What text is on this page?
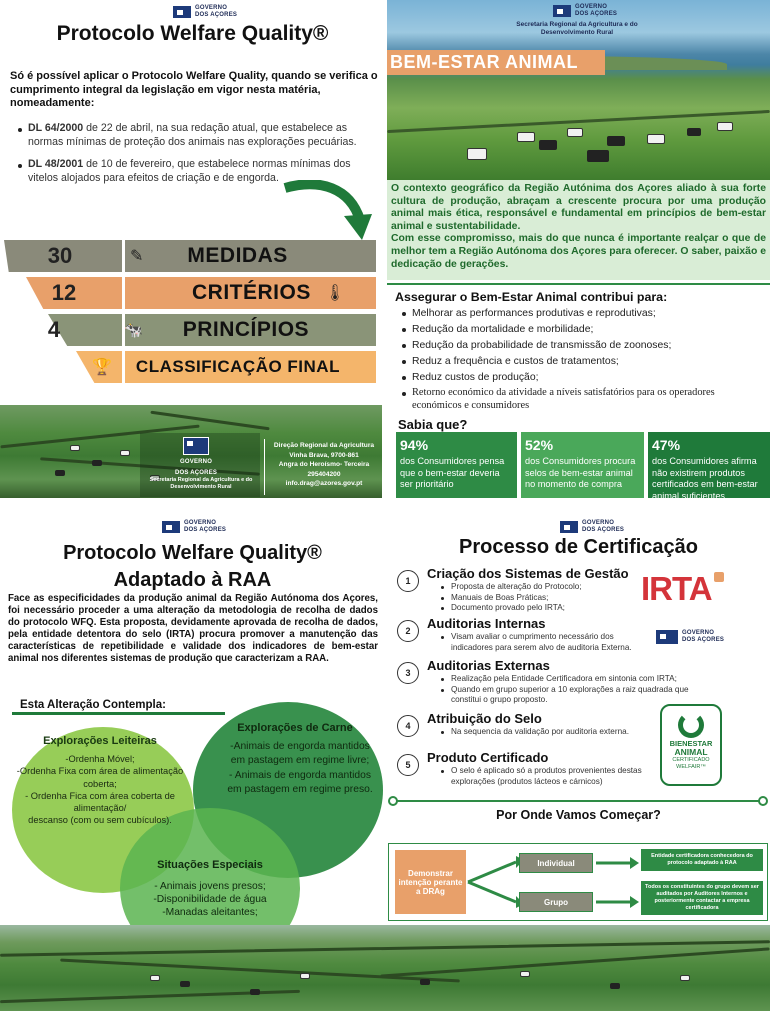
GOVERNO
DOS AÇORES
Protocolo Welfare Quality®
Só é possível aplicar o Protocolo Welfare Quality, quando se verifica o cumprimento integral da legislação em vigor nesta matéria, nomeadamente:
DL 64/2000 de 22 de abril, na sua redação atual, que estabelece as normas mínimas de proteção dos animais nas explorações pecuárias.
DL 48/2001 de 10 de fevereiro, que estabelece normas mínimas dos vitelos alojados para efeitos de criação e de engorda.
30	✎ MEDIDAS
12	CRITÉRIOS 🌡
4	🐄 PRINCÍPIOS
🏆 CLASSIFICAÇÃO FINAL
GOVERNO
DOS AÇORES
Secretaria Regional da Agricultura e do
Desenvolvimento Rural
Direção Regional da Agricultura
Vinha Brava, 9700-861
Angra do Heroísmo- Terceira
295404200
info.drag@azores.gov.pt
GOVERNO
DOS AÇORES
Secretaria Regional da Agricultura e do
Desenvolvimento Rural
BEM-ESTAR ANIMAL
O contexto geográfico da Região Autónima dos Açores aliado à sua forte cultura de produção, abraçam a crescente procura por uma produção animal mais ética, responsável e fundamental em princípios de bem-estar animal e sustentabilidade.
Com esse compromisso, mais do que nunca é importante realçar o que de melhor tem a Região Autónoma dos Açores para oferecer. O saber, paixão e dedicação de gerações.
Assegurar o Bem-Estar Animal contribui para:
Melhorar as performances produtivas e reprodutivas;
Redução da mortalidade e morbilidade;
Redução da probabilidade de transmissão de zoonoses;
Reduz a frequência e custos de tratamentos;
Reduz custos de produção;
Retorno económico da atividade a níveis satisfatórios para os operadores económicos e consumidores
Sabia que?
94%
dos Consumidores pensa que o bem-estar deveria ser prioritário
52%
dos Consumidores procura selos de bem-estar animal no momento de compra
47%
dos Consumidores afirma não existirem produtos certificados em bem-estar animal suficientes
GOVERNO
DOS AÇORES
Protocolo Welfare Quality®
Adaptado à RAA
Face as especificidades da produção animal da Região Autónoma dos Açores, foi necessário proceder a uma alteração da metodologia de recolha de dados do protocolo WFQ. Esta proposta, devidamente aprovada de recolha de dados, pela entidade detentora do selo (IRTA) procura promover a manutenção das características de repetibilidade e validade dos indicadores de bem-estar animal nos diferentes sistemas de produção que caracterizam a RAA.
Esta Alteração Contempla:
Explorações Leiteiras
-Ordenha Móvel;
-Ordenha Fixa com área de alimentação coberta;
- Ordenha Fica com área coberta de alimentação/
descanso (com ou sem cubículos).
Explorações de Carne
-Animais de engorda mantidos em pastagem em regime livre;
- Animais de engorda mantidos em pastagem em regime preso.
Situações Especiais
- Animais jovens presos;
-Disponibilidade de água
-Manadas aleitantes;
GOVERNO
DOS AÇORES
Processo de Certificação
1	Criação dos Sistemas de Gestão
Proposta de alteração do Protocolo;
Manuais de Boas Práticas;
Documento provado pelo IRTA;
IRTA
2	Auditorias Internas
Visam avaliar o cumprimento necessário dos indicadores para serem alvo de auditoria Externa.
GOVERNO
DOS AÇORES
3	Auditorias Externas
Realização pela Entidade Certificadora em sintonia com IRTA;
Quando em grupo superior a 10 explorações a raiz quadrada que constitui o grupo proposto.
4	Atribuição do Selo
Na sequencia da validação por auditoria externa.
5	Produto Certificado
O selo é aplicado só a produtos provenientes destas explorações (produtos lácteos e cárnicos)
BIENESTAR
ANIMAL
CERTIFICADO
WELFAIR™
Por Onde Vamos Começar?
Demonstrar intenção perante a DRAg
Individual
Grupo
Entidade certificadora conhecedora do protocolo adaptado à RAA
Todos os constituintes do grupo devem ser auditados por Auditores Internos e posteriormente contactar a empresa certificadora
